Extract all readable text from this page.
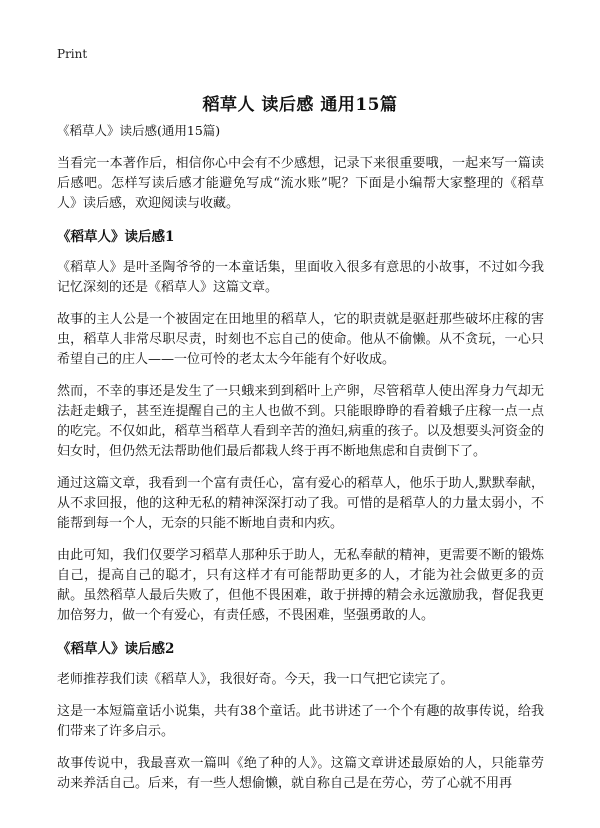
Print
稻草人 读后感 通用15篇
《稻草人》读后感(通用15篇)

当看完一本著作后，相信你心中会有不少感想，记录下来很重要哦，一起来写一篇读后感吧。怎样写读后感才能避免写成“流水账”呢？下面是小编帮大家整理的《稻草人》读后感，欢迎阅读与收藏。

《稻草人》读后感1

《稻草人》是叶圣陶爷爷的一本童话集，里面收入很多有意思的小故事，不过如今我记忆深刻的还是《稻草人》这篇文章。

故事的主人公是一个被固定在田地里的稻草人，它的职责就是驱赶那些破坏庄稼的害虫，稻草人非常尽职尽责，时刻也不忘自己的使命。他从不偷懒。从不贪玩，一心只希望自己的庄人——一位可怜的老太太今年能有个好收成。

然而，不幸的事还是发生了一只蛾来到到稻叶上产卵，尽管稻草人使出浑身力气却无法赶走蛾子，甚至连提醒自己的主人也做不到。只能眼睁睁的看着蛾子庄稼一点一点的吃完。不仅如此，稻草当稻草人看到辛苦的渔妇,病重的孩子。以及想要头河资金的妇女时，但仍然无法帮助他们最后都栽人终于再不断地焦虑和自责倒下了。

通过这篇文章，我看到一个富有责任心，富有爱心的稻草人，他乐于助人,默默奉献，从不求回报，他的这种无私的精神深深打动了我。可惜的是稻草人的力量太弱小，不能帮到每一个人，无奈的只能不断地自责和内疚。

由此可知，我们仅要学习稻草人那种乐于助人，无私奉献的精神，更需要不断的锻炼自己，提高自己的聪才，只有这样才有可能帮助更多的人，才能为社会做更多的贡献。虽然稻草人最后失败了，但他不畏困难，敢于拼搏的精会永远激励我，督促我更加倍努力，做一个有爱心，有责任感，不畏困难，坚强勇敢的人。

《稻草人》读后感2

老师推荐我们读《稻草人》，我很好奇。今天，我一口气把它读完了。

这是一本短篇童话小说集，共有38个童话。此书讲述了一个个有趣的故事传说，给我们带来了许多启示。

故事传说中，我最喜欢一篇叫《绝了种的人》。这篇文章讲述最原始的人，只能靠劳动来养活自己。后来，有一些人想偷懒，就自称自己是在劳心，劳了心就不用再
